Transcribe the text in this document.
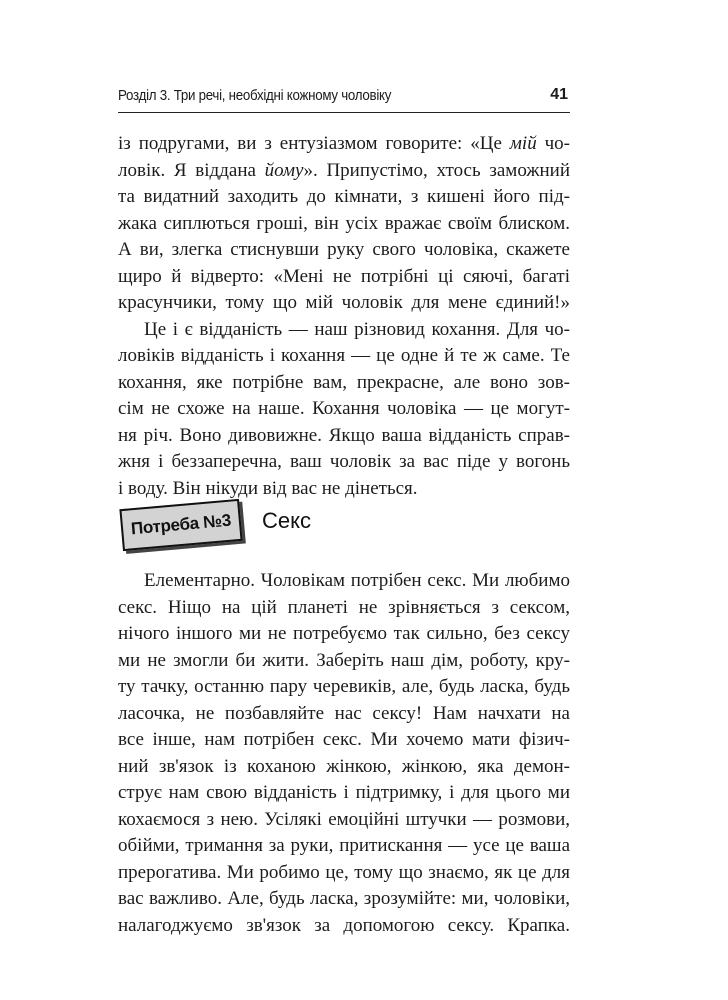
Розділ 3. Три речі, необхідні кожному чоловіку	41
із подругами, ви з ентузіазмом говорите: «Це мій чо-
ловік. Я віддана йому». Припустімо, хтось заможний
та видатний заходить до кімнати, з кишені його під-
жака сиплються гроші, він усіх вражає своїм блиском.
А ви, злегка стиснувши руку свого чоловіка, скажете
щиро й відверто: «Мені не потрібні ці сяючі, багаті
красунчики, тому що мій чоловік для мене єдиний!»
Це і є відданість — наш різновид кохання. Для чо-
ловіків відданість і кохання — це одне й те ж саме. Те
кохання, яке потрібне вам, прекрасне, але воно зов-
сім не схоже на наше. Кохання чоловіка — це могут-
ня річ. Воно дивовижне. Якщо ваша відданість справ-
жня і беззаперечна, ваш чоловік за вас піде у вогонь
і воду. Він нікуди від вас не дінеться.
Потреба №3	Секс
Елементарно. Чоловікам потрібен секс. Ми любимо
секс. Ніщо на цій планеті не зрівняється з сексом,
нічого іншого ми не потребуємо так сильно, без сексу
ми не змогли би жити. Заберіть наш дім, роботу, кру-
ту тачку, останню пару черевиків, але, будь ласка, будь
ласочка, не позбавляйте нас сексу! Нам начхати на
все інше, нам потрібен секс. Ми хочемо мати фізич-
ний зв'язок із коханою жінкою, жінкою, яка демон-
струє нам свою відданість і підтримку, і для цього ми
кохаємося з нею. Усілякі емоційні штучки — розмови,
обійми, тримання за руки, притискання — усе це ваша
прерогатива. Ми робимо це, тому що знаємо, як це для
вас важливо. Але, будь ласка, зрозумійте: ми, чоловіки,
налагоджуємо зв'язок за допомогою сексу. Крапка.
